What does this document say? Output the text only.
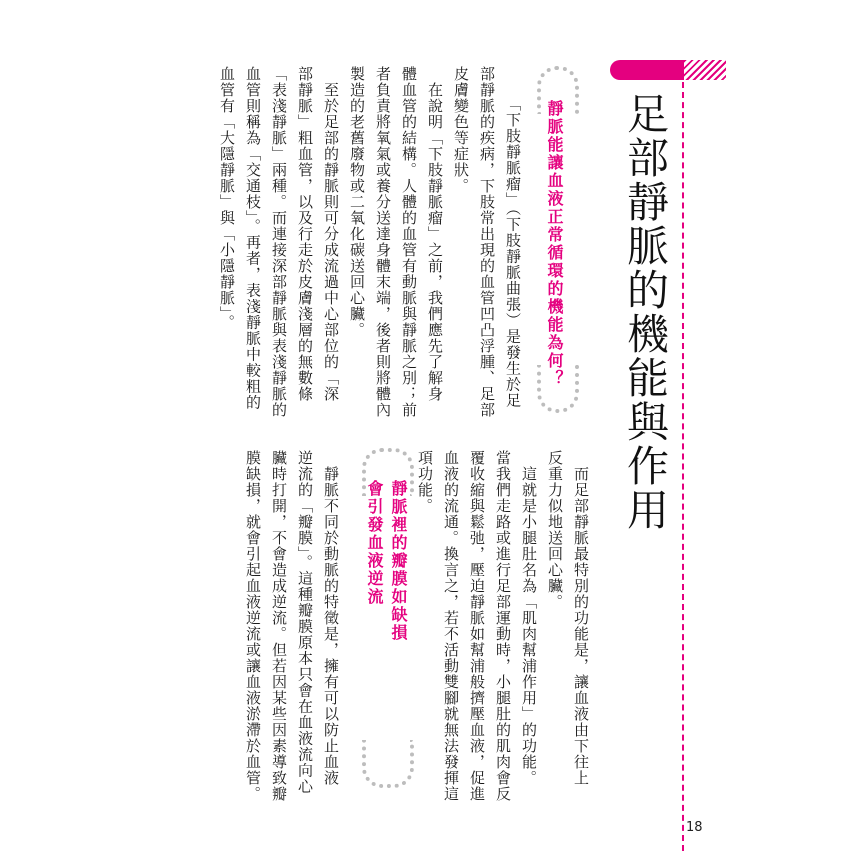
足部靜脈的機能與作用
靜脈能讓血液正常循環的機能為何？
「下肢靜脈瘤」（下肢靜脈曲張）是發生於足
部靜脈的疾病，下肢常出現的血管凹凸浮腫、足部
皮膚變色等症狀。
　在說明「下肢靜脈瘤」之前，我們應先了解身
體血管的結構。人體的血管有動脈與靜脈之別；前
者負責將氧氣或養分送達身體末端，後者則將體內
製造的老舊廢物或二氧化碳送回心臟。
　至於足部的靜脈則可分成流過中心部位的「深
部靜脈」粗血管，以及行走於皮膚淺層的無數條
「表淺靜脈」兩種。而連接深部靜脈與表淺靜脈的
血管則稱為「交通枝」。再者，表淺靜脈中較粗的
血管有「大隱靜脈」與「小隱靜脈」。
　而足部靜脈最特別的功能是，讓血液由下往上
反重力似地送回心臟。
　這就是小腿肚名為「肌肉幫浦作用」的功能。
當我們走路或進行足部運動時，小腿肚的肌肉會反
覆收縮與鬆弛，壓迫靜脈如幫浦般擠壓血液，促進
血液的流通。換言之，若不活動雙腳就無法發揮這
項功能。
靜脈裡的瓣膜如缺損
會引發血液逆流
　靜脈不同於動脈的特徵是，擁有可以防止血液
逆流的「瓣膜」。這種瓣膜原本只會在血液流向心
臟時打開，不會造成逆流。但若因某些因素導致瓣
膜缺損，就會引起血液逆流或讓血液淤滯於血管。
18
